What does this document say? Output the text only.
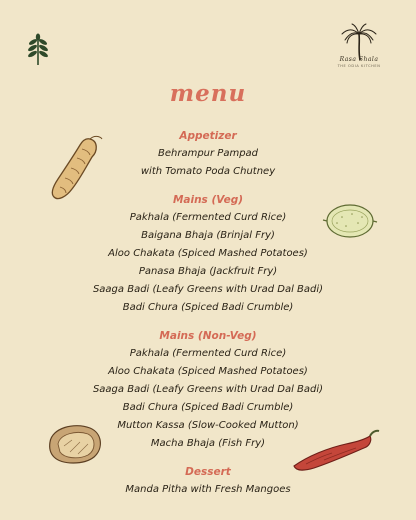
Rasa Shala
THE ODIA KITCHEN
menu
Appetizer
Behrampur Pampad
with Tomato Poda Chutney
Mains (Veg)
Pakhala (Fermented Curd Rice)
Baigana Bhaja (Brinjal Fry)
Aloo Chakata (Spiced Mashed Potatoes)
Panasa Bhaja (Jackfruit Fry)
Saaga Badi (Leafy Greens with Urad Dal Badi)
Badi Chura (Spiced Badi Crumble)
Mains (Non-Veg)
Pakhala (Fermented Curd Rice)
Aloo Chakata (Spiced Mashed Potatoes)
Saaga Badi (Leafy Greens with Urad Dal Badi)
Badi Chura (Spiced Badi Crumble)
Mutton Kassa (Slow-Cooked Mutton)
Macha Bhaja (Fish Fry)
Dessert
Manda Pitha with Fresh Mangoes
